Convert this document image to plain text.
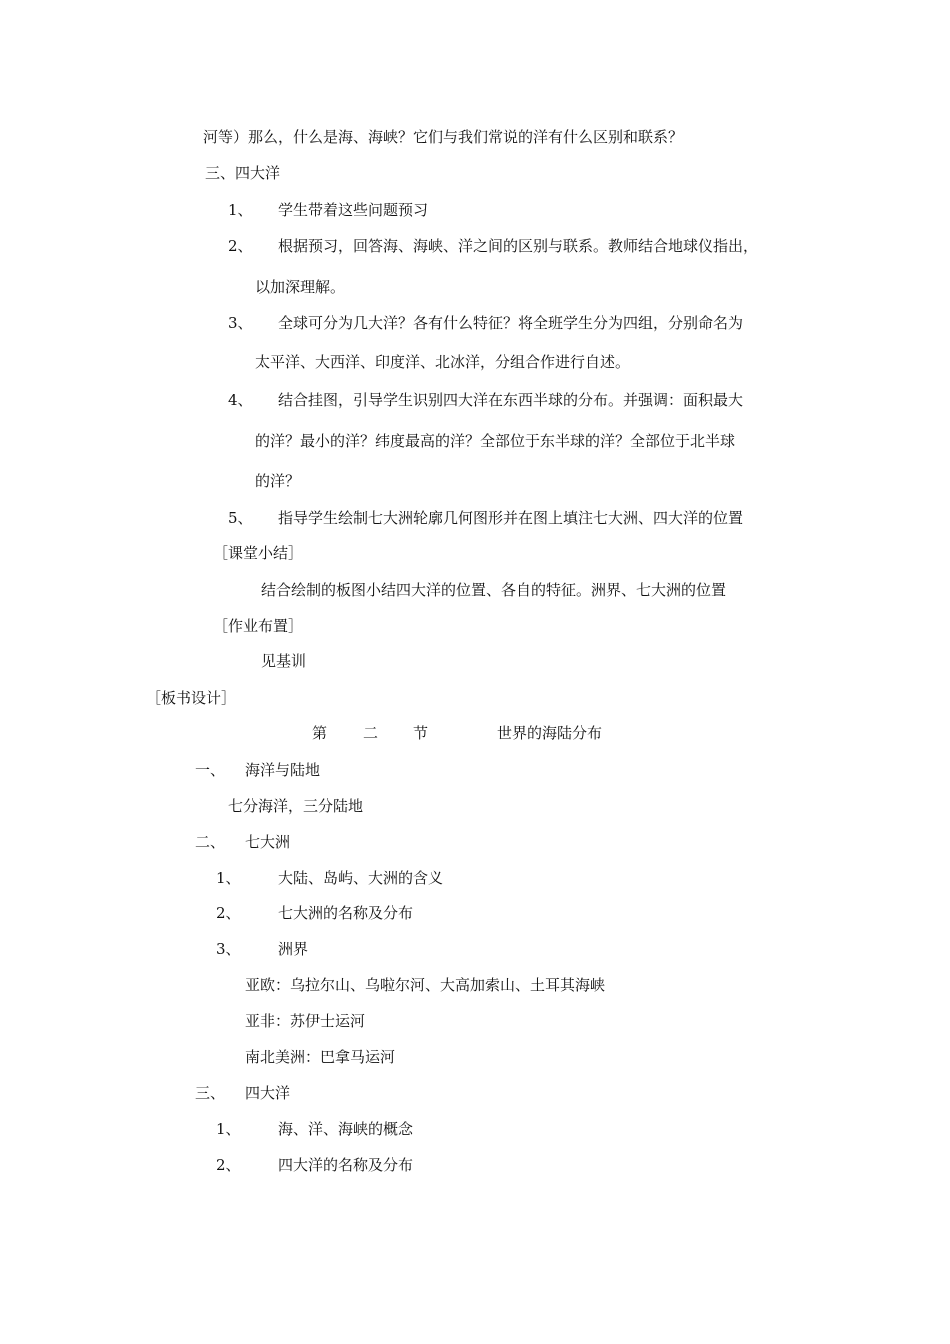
河等）那么，什么是海、海峡？它们与我们常说的洋有什么区别和联系？
三、四大洋
1、 学生带着这些问题预习
2、 根据预习，回答海、海峡、洋之间的区别与联系。教师结合地球仪指出，
以加深理解。
3、 全球可分为几大洋？各有什么特征？将全班学生分为四组，分别命名为
太平洋、大西洋、印度洋、北冰洋，分组合作进行自述。
4、 结合挂图，引导学生识别四大洋在东西半球的分布。并强调：面积最大
的洋？最小的洋？纬度最高的洋？全部位于东半球的洋？全部位于北半球
的洋？
5、 指导学生绘制七大洲轮廓几何图形并在图上填注七大洲、四大洋的位置
［课堂小结］
结合绘制的板图小结四大洋的位置、各自的特征。洲界、七大洲的位置
［作业布置］
见基训
［板书设计］
第 二 节	世界的海陆分布
一、 海洋与陆地
七分海洋，三分陆地
二、 七大洲
1、 大陆、岛屿、大洲的含义
2、 七大洲的名称及分布
3、 洲界
亚欧：乌拉尔山、乌啦尔河、大高加索山、土耳其海峡
亚非：苏伊士运河
南北美洲：巴拿马运河
三、 四大洋
1、 海、洋、海峡的概念
2、 四大洋的名称及分布
